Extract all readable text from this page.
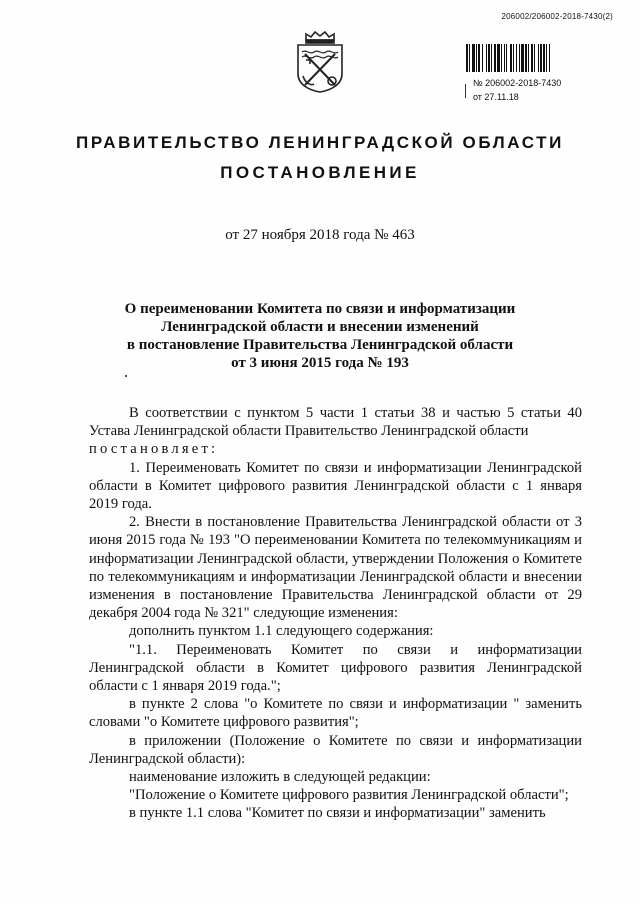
206002/206002-2018-7430(2)
№ 206002-2018-7430
от 27.11.18
ПРАВИТЕЛЬСТВО ЛЕНИНГРАДСКОЙ ОБЛАСТИ
ПОСТАНОВЛЕНИЕ
от 27 ноября 2018 года № 463
О переименовании Комитета по связи и информатизации
Ленинградской области и внесении изменений
в постановление Правительства Ленинградской области
от 3 июня 2015 года № 193

В соответствии с пунктом 5 части 1 статьи 38 и частью 5 статьи 40 Устава Ленинградской области Правительство Ленинградской области

постановляет:

1. Переименовать Комитет по связи и информатизации Ленинградской области в Комитет цифрового развития Ленинградской области с 1 января 2019 года.

2. Внести в постановление Правительства Ленинградской области от 3 июня 2015 года № 193 "О переименовании Комитета по телекоммуникациям и информатизации Ленинградской области, утверждении Положения о Комитете по телекоммуникациям и информатизации Ленинградской области и внесении изменения в постановление Правительства Ленинградской области от 29 декабря 2004 года № 321" следующие изменения:

дополнить пунктом 1.1 следующего содержания:

"1.1. Переименовать Комитет по связи и информатизации Ленинградской области в Комитет цифрового развития Ленинградской области с 1 января 2019 года.";

в пункте 2 слова "о Комитете по связи и информатизации " заменить словами "о Комитете цифрового развития";

в приложении (Положение о Комитете по связи и информатизации Ленинградской области):

наименование изложить в следующей редакции:

"Положение о Комитете цифрового развития Ленинградской области";

в пункте 1.1 слова "Комитет по связи и информатизации" заменить
